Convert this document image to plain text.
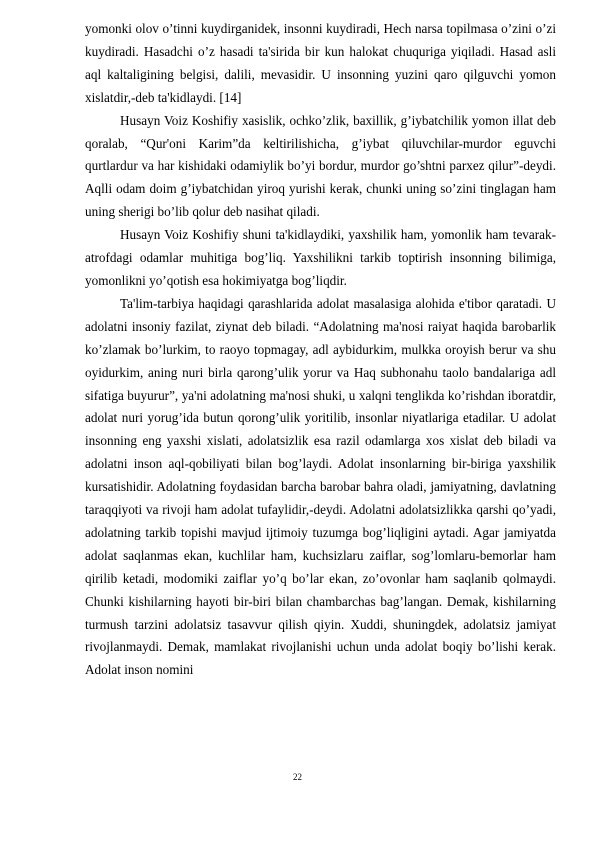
yomonki olov o’tinni kuydirganidek, insonni kuydiradi, Hech narsa topilmasa o’zini o’zi kuydiradi. Hasadchi o’z hasadi ta'sirida bir kun halokat chuquriga yiqiladi. Hasad asli aql kaltaligining belgisi, dalili, mevasidir. U insonning yuzini qaro qilguvchi yomon xislatdir,-deb ta'kidlaydi. [14]

Husayn Voiz Koshifiy xasislik, ochko’zlik, baxillik, g’iybatchilik yomon illat deb qoralab, “Qur'oni Karim”da keltirilishicha, g’iybat qiluvchilar-murdor eguvchi qurtlardur va har kishidaki odamiylik bo’yi bordur, murdor go’shtni parxez qilur”-deydi. Aqlli odam doim g’iybatchidan yiroq yurishi kerak, chunki uning so’zini tinglagan ham uning sherigi bo’lib qolur deb nasihat qiladi.

Husayn Voiz Koshifiy shuni ta'kidlaydiki, yaxshilik ham, yomonlik ham tevarak-atrofdagi odamlar muhitiga bog’liq. Yaxshilikni tarkib toptirish insonning bilimiga, yomonlikni yo’qotish esa hokimiyatga bog’liqdir.

Ta'lim-tarbiya haqidagi qarashlarida adolat masalasiga alohida e'tibor qaratadi. U adolatni insoniy fazilat, ziynat deb biladi. “Adolatning ma'nosi raiyat haqida barobarlik ko’zlamak bo’lurkim, to raoyo topmagay, adl aybidurkim, mulkka oroyish berur va shu oyidurkim, aning nuri birla qarong’ulik yorur va Haq subhonahu taolo bandalariga adl sifatiga buyurur”, ya'ni adolatning ma'nosi shuki, u xalqni tenglikda ko’rishdan iboratdir, adolat nuri yorug’ida butun qorong’ulik yoritilib, insonlar niyatlariga etadilar. U adolat insonning eng yaxshi xislati, adolatsizlik esa razil odamlarga xos xislat deb biladi va adolatni inson aql-qobiliyati bilan bog’laydi. Adolat insonlarning bir-biriga yaxshilik kursatishidir. Adolatning foydasidan barcha barobar bahra oladi, jamiyatning, davlatning taraqqiyoti va rivoji ham adolat tufaylidir,-deydi. Adolatni adolatsizlikka qarshi qo’yadi, adolatning tarkib topishi mavjud ijtimoiy tuzumga bog’liqligini aytadi. Agar jamiyatda adolat saqlanmas ekan, kuchlilar ham, kuchsizlaru zaiflar, sog’lomlaru-bemorlar ham qirilib ketadi, modomiki zaiflar yo’q bo’lar ekan, zo’ovonlar ham saqlanib qolmaydi. Chunki kishilarning hayoti bir-biri bilan chambarchas bag’langan. Demak, kishilarning turmush tarzini adolatsiz tasavvur qilish qiyin. Xuddi, shuningdek, adolatsiz jamiyat rivojlanmaydi. Demak, mamlakat rivojlanishi uchun unda adolat boqiy bo’lishi kerak. Adolat inson nomini

22
